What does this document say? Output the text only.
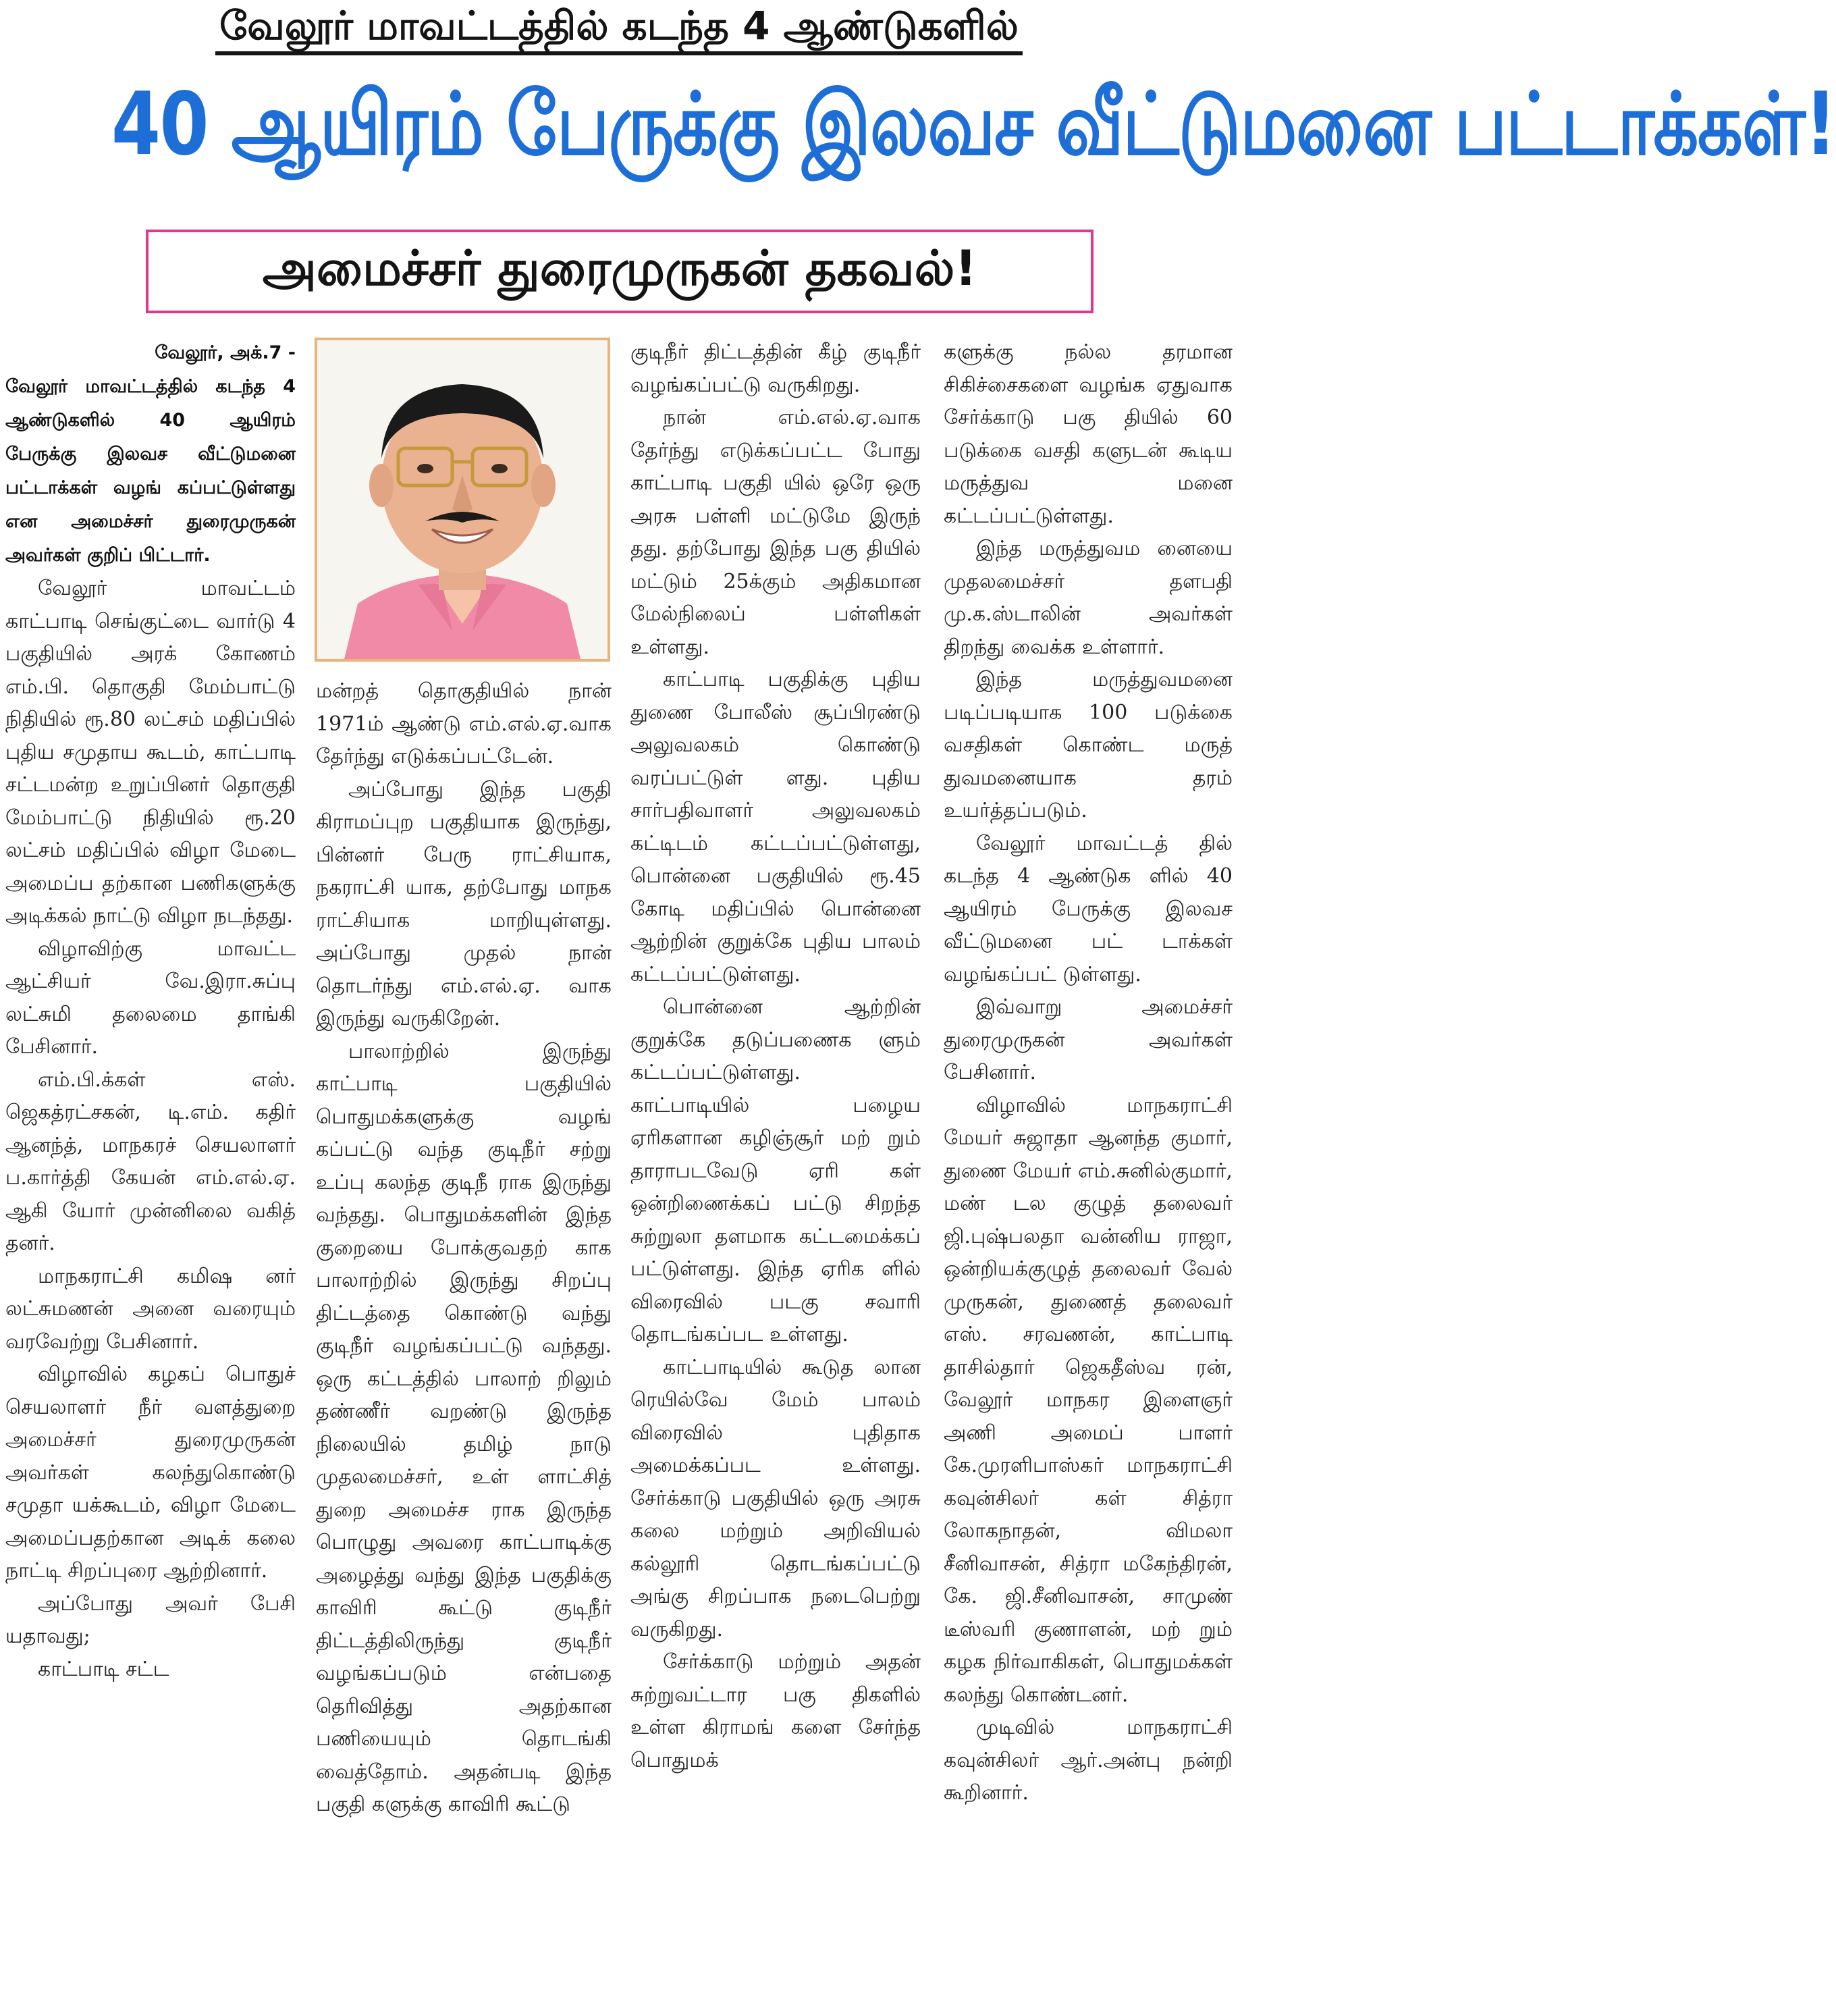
வேலூர் மாவட்டத்தில் கடந்த 4 ஆண்டுகளில்
40 ஆயிரம் பேருக்கு இலவச வீட்டுமனை பட்டாக்கள்!
அமைச்சர் துரைமுருகன் தகவல்!
வேலூர், அக்.7 -
வேலூர் மாவட்டத்தில் கடந்த 4 ஆண்டுகளில் 40 ஆயிரம் பேருக்கு இலவச வீட்டுமனை பட்டாக்கள் வழங் கப்பட்டுள்ளது என அமைச்சர் துரைமுருகன் அவர்கள் குறிப் பிட்டார்.

வேலூர் மாவட்டம் காட்பாடி செங்குட்டை வார்டு 4 பகுதியில் அரக் கோணம் எம்.பி. தொகுதி மேம்பாட்டு நிதியில் ரூ.80 லட்சம் மதிப்பில் புதிய சமுதாய கூடம், காட்பாடி சட்டமன்ற உறுப்பினர் தொகுதி மேம்பாட்டு நிதியில் ரூ.20 லட்சம் மதிப்பில் விழா மேடை அமைப்ப தற்கான பணிகளுக்கு அடிக்கல் நாட்டு விழா நடந்தது.

விழாவிற்கு மாவட்ட ஆட்சியர் வே.இரா.சுப்பு லட்சுமி தலைமை தாங்கி பேசினார்.

எம்.பி.க்கள் எஸ். ஜெகத்ரட்சகன், டி.எம். கதிர் ஆனந்த், மாநகரச் செயலாளர் ப.கார்த்தி கேயன் எம்.எல்.ஏ. ஆகி யோர் முன்னிலை வகித் தனர்.

மாநகராட்சி கமிஷ னர் லட்சுமணன் அனை வரையும் வரவேற்று பேசினார்.

விழாவில் கழகப் பொதுச் செயலாளர் நீர் வளத்துறை அமைச்சர் துரைமுருகன் அவர்கள் கலந்துகொண்டு சமுதா யக்கூடம், விழா மேடை அமைப்பதற்கான அடிக் கலை நாட்டி சிறப்புரை ஆற்றினார்.

அப்போது அவர் பேசி யதாவது;

காட்பாடி சட்ட

மன்றத் தொகுதியில் நான் 1971ம் ஆண்டு எம்.எல்.ஏ.வாக தேர்ந்து எடுக்கப்பட்டேன்.

அப்போது இந்த பகுதி கிராமப்புற பகுதியாக இருந்து, பின்னர் பேரு ராட்சியாக, நகராட்சி யாக, தற்போது மாநக ராட்சியாக மாறியுள்ளது. அப்போது முதல் நான் தொடர்ந்து எம்.எல்.ஏ. வாக இருந்து வருகிறேன்.

பாலாற்றில் இருந்து காட்பாடி பகுதியில் பொதுமக்களுக்கு வழங் கப்பட்டு வந்த குடிநீர் சற்று உப்பு கலந்த குடிநீ ராக இருந்து வந்தது. பொதுமக்களின் இந்த குறையை போக்குவதற் காக பாலாற்றில் இருந்து சிறப்பு திட்டத்தை கொண்டு வந்து குடிநீர் வழங்கப்பட்டு வந்தது. ஒரு கட்டத்தில் பாலாற் றிலும் தண்ணீர் வறண்டு இருந்த நிலையில் தமிழ் நாடு முதலமைச்சர், உள் ளாட்சித் துறை அமைச்ச ராக இருந்த பொழுது அவரை காட்பாடிக்கு அழைத்து வந்து இந்த பகுதிக்கு காவிரி கூட்டு குடிநீர் திட்டத்திலிருந்து குடிநீர் வழங்கப்படும் என்பதை தெரிவித்து அதற்கான பணியையும் தொடங்கி வைத்தோம். அதன்படி இந்த பகுதி களுக்கு காவிரி கூட்டு

குடிநீர் திட்டத்தின் கீழ் குடிநீர் வழங்கப்பட்டு வருகிறது.

நான் எம்.எல்.ஏ.வாக தேர்ந்து எடுக்கப்பட்ட போது காட்பாடி பகுதி யில் ஒரே ஒரு அரசு பள்ளி மட்டுமே இருந் தது. தற்போது இந்த பகு தியில் மட்டும் 25க்கும் அதிகமான மேல்நிலைப் பள்ளிகள் உள்ளது.

காட்பாடி பகுதிக்கு புதிய துணை போலீஸ் சூப்பிரண்டு அலுவலகம் கொண்டு வரப்பட்டுள் ளது. புதிய சார்பதிவாளர் அலுவலகம் கட்டிடம் கட்டப்பட்டுள்ளது, பொன்னை பகுதியில் ரூ.45 கோடி மதிப்பில் பொன்னை ஆற்றின் குறுக்கே புதிய பாலம் கட்டப்பட்டுள்ளது.

பொன்னை ஆற்றின் குறுக்கே தடுப்பணைக ளும் கட்டப்பட்டுள்ளது. காட்பாடியில் பழைய ஏரிகளான கழிஞ்சூர் மற் றும் தாராபடவேடு ஏரி கள் ஒன்றிணைக்கப் பட்டு சிறந்த சுற்றுலா தளமாக கட்டமைக்கப் பட்டுள்ளது. இந்த ஏரிக ளில் விரைவில் படகு சவாரி தொடங்கப்பட உள்ளது.

காட்பாடியில் கூடுத லான ரெயில்வே மேம் பாலம் விரைவில் புதிதாக அமைக்கப்பட உள்ளது. சேர்க்காடு பகுதியில் ஒரு அரசு கலை மற்றும் அறிவியல் கல்லூரி தொடங்கப்பட்டு அங்கு சிறப்பாக நடைபெற்று வருகிறது.

சேர்க்காடு மற்றும் அதன் சுற்றுவட்டார பகு திகளில் உள்ள கிராமங் களை சேர்ந்த பொதுமக்

களுக்கு நல்ல தரமான சிகிச்சைகளை வழங்க ஏதுவாக சேர்க்காடு பகு தியில் 60 படுக்கை வசதி களுடன் கூடிய மருத்துவ மனை கட்டப்பட்டுள்ளது.

இந்த மருத்துவம னையை முதலமைச்சர் தளபதி மு.க.ஸ்டாலின் அவர்கள் திறந்து வைக்க உள்ளார்.

இந்த மருத்துவமனை படிப்படியாக 100 படுக்கை வசதிகள் கொண்ட மருத் துவமனையாக தரம் உயர்த்தப்படும்.

வேலூர் மாவட்டத் தில் கடந்த 4 ஆண்டுக ளில் 40 ஆயிரம் பேருக்கு இலவச வீட்டுமனை பட் டாக்கள் வழங்கப்பட் டுள்ளது.

இவ்வாறு அமைச்சர் துரைமுருகன் அவர்கள் பேசினார்.

விழாவில் மாநகராட்சி மேயர் சுஜாதா ஆனந்த குமார், துணை மேயர் எம்.சுனில்குமார், மண் டல குழுத் தலைவர் ஜி.புஷ்பலதா வன்னிய ராஜா, ஒன்றியக்குழுத் தலைவர் வேல் முருகன், துணைத் தலைவர் எஸ். சரவணன், காட்பாடி தாசில்தார் ஜெகதீஸ்வ ரன், வேலூர் மாநகர இளைஞர் அணி அமைப் பாளர் கே.முரளிபாஸ்கர் மாநகராட்சி கவுன்சிலர் கள் சித்ரா லோகநாதன், விமலா சீனிவாசன், சித்ரா மகேந்திரன், கே. ஜி.சீனிவாசன், சாமுண் டீஸ்வரி குணாளன், மற் றும் கழக நிர்வாகிகள், பொதுமக்கள் கலந்து கொண்டனர்.

முடிவில் மாநகராட்சி கவுன்சிலர் ஆர்.அன்பு நன்றி கூறினார்.
